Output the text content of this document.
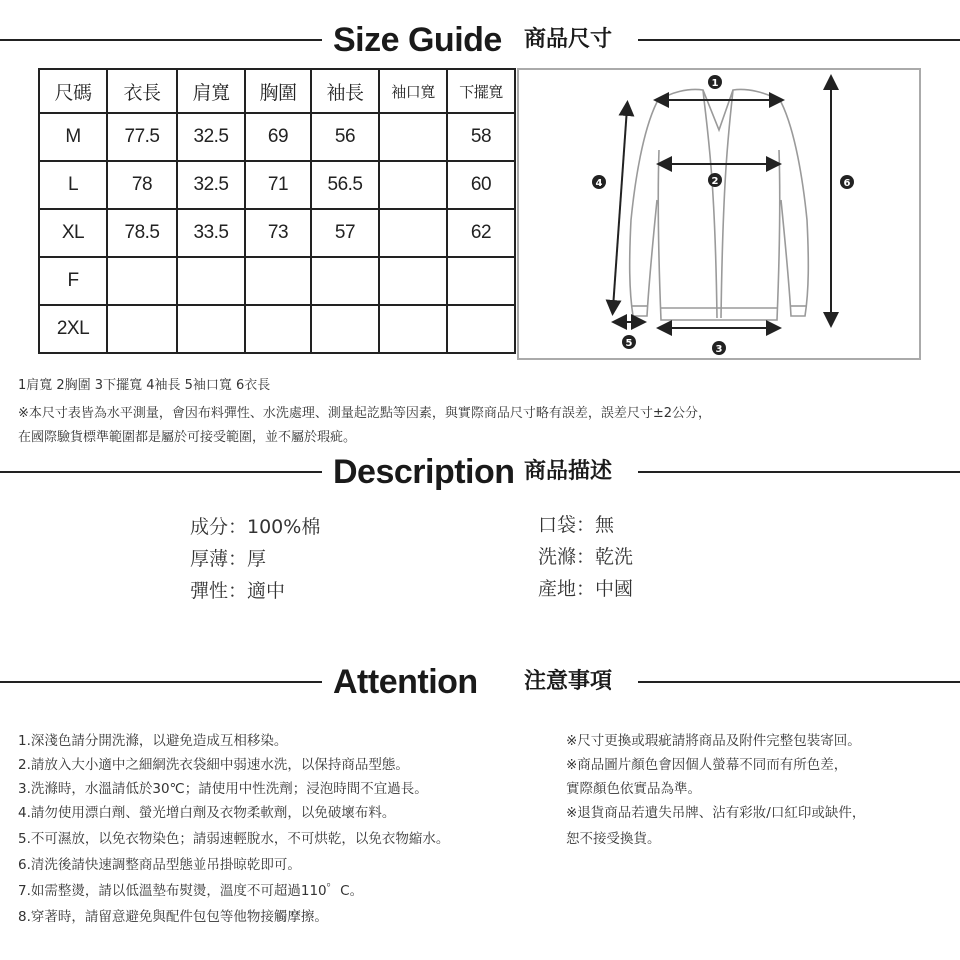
Size Guide 商品尺寸
尺碼	衣長	肩寬	胸圍	袖長	袖口寬	下擺寬
M	77.5	32.5	69	56		58
L	78	32.5	71	56.5		60
XL	78.5	33.5	73	57		62
F						
2XL						
1
2
4	6
5
3
1肩寬 2胸圍 3下擺寬 4袖長 5袖口寬 6衣長
※本尺寸表皆為水平測量，會因布料彈性、水洗處理、測量起訖點等因素，與實際商品尺寸略有誤差，誤差尺寸±2公分，
在國際驗貨標準範圍都是屬於可接受範圍，並不屬於瑕疵。
Description 商品描述
成分：100%棉
厚薄：厚
彈性：適中
口袋：無
洗滌：乾洗
產地：中國
Attention 注意事項
1.深淺色請分開洗滌，以避免造成互相移染。
2.請放入大小適中之細網洗衣袋細中弱速水洗，以保持商品型態。
3.洗滌時，水溫請低於30℃；請使用中性洗劑；浸泡時間不宜過長。
4.請勿使用漂白劑、螢光增白劑及衣物柔軟劑，以免破壞布料。
5.不可濕放，以免衣物染色；請弱速輕脫水，不可烘乾，以免衣物縮水。
6.清洗後請快速調整商品型態並吊掛晾乾即可。
7.如需整燙，請以低溫墊布熨燙，溫度不可超過110゜C。
8.穿著時，請留意避免與配件包包等他物接觸摩擦。
※尺寸更換或瑕疵請將商品及附件完整包裝寄回。
※商品圖片顏色會因個人螢幕不同而有所色差，
實際顏色依實品為準。
※退貨商品若遺失吊牌、沾有彩妝/口紅印或缺件，
恕不接受換貨。
